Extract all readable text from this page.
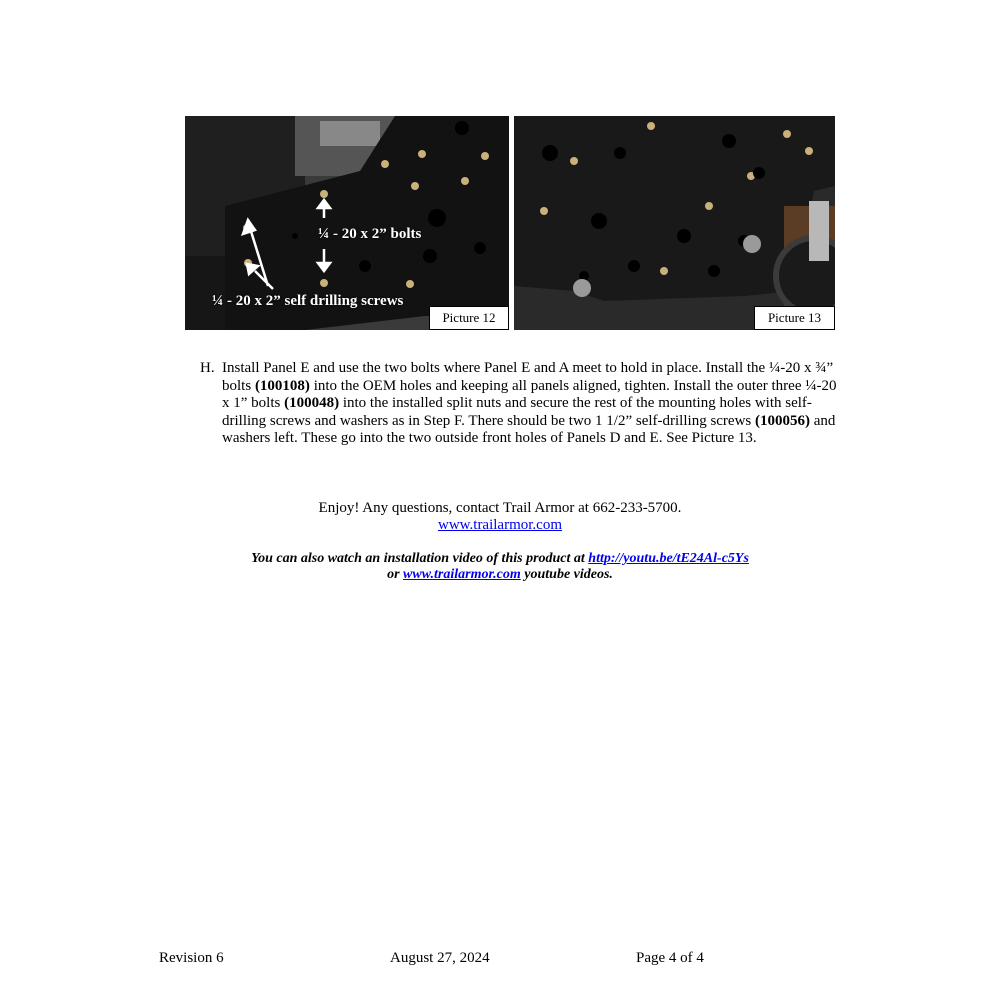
¼ - 20 x 2” bolts
¼ - 20 x 2” self drilling screws
Picture 12	Picture 13
H. Install Panel E and use the two bolts where Panel E and A meet to hold in place. Install the ¼-20 x ¾” bolts (100108) into the OEM holes and keeping all panels aligned, tighten. Install the outer three ¼-20 x 1” bolts (100048) into the installed split nuts and secure the rest of the mounting holes with self-drilling screws and washers as in Step F. There should be two 1 1/2” self-drilling screws (100056) and washers left. These go into the two outside front holes of Panels D and E. See Picture 13.
Enjoy! Any questions, contact Trail Armor at 662-233-5700.
www.trailarmor.com
You can also watch an installation video of this product at http://youtu.be/tE24Al-c5Ys
or www.trailarmor.com youtube videos.
Revision 6	August 27, 2024	Page 4 of 4
